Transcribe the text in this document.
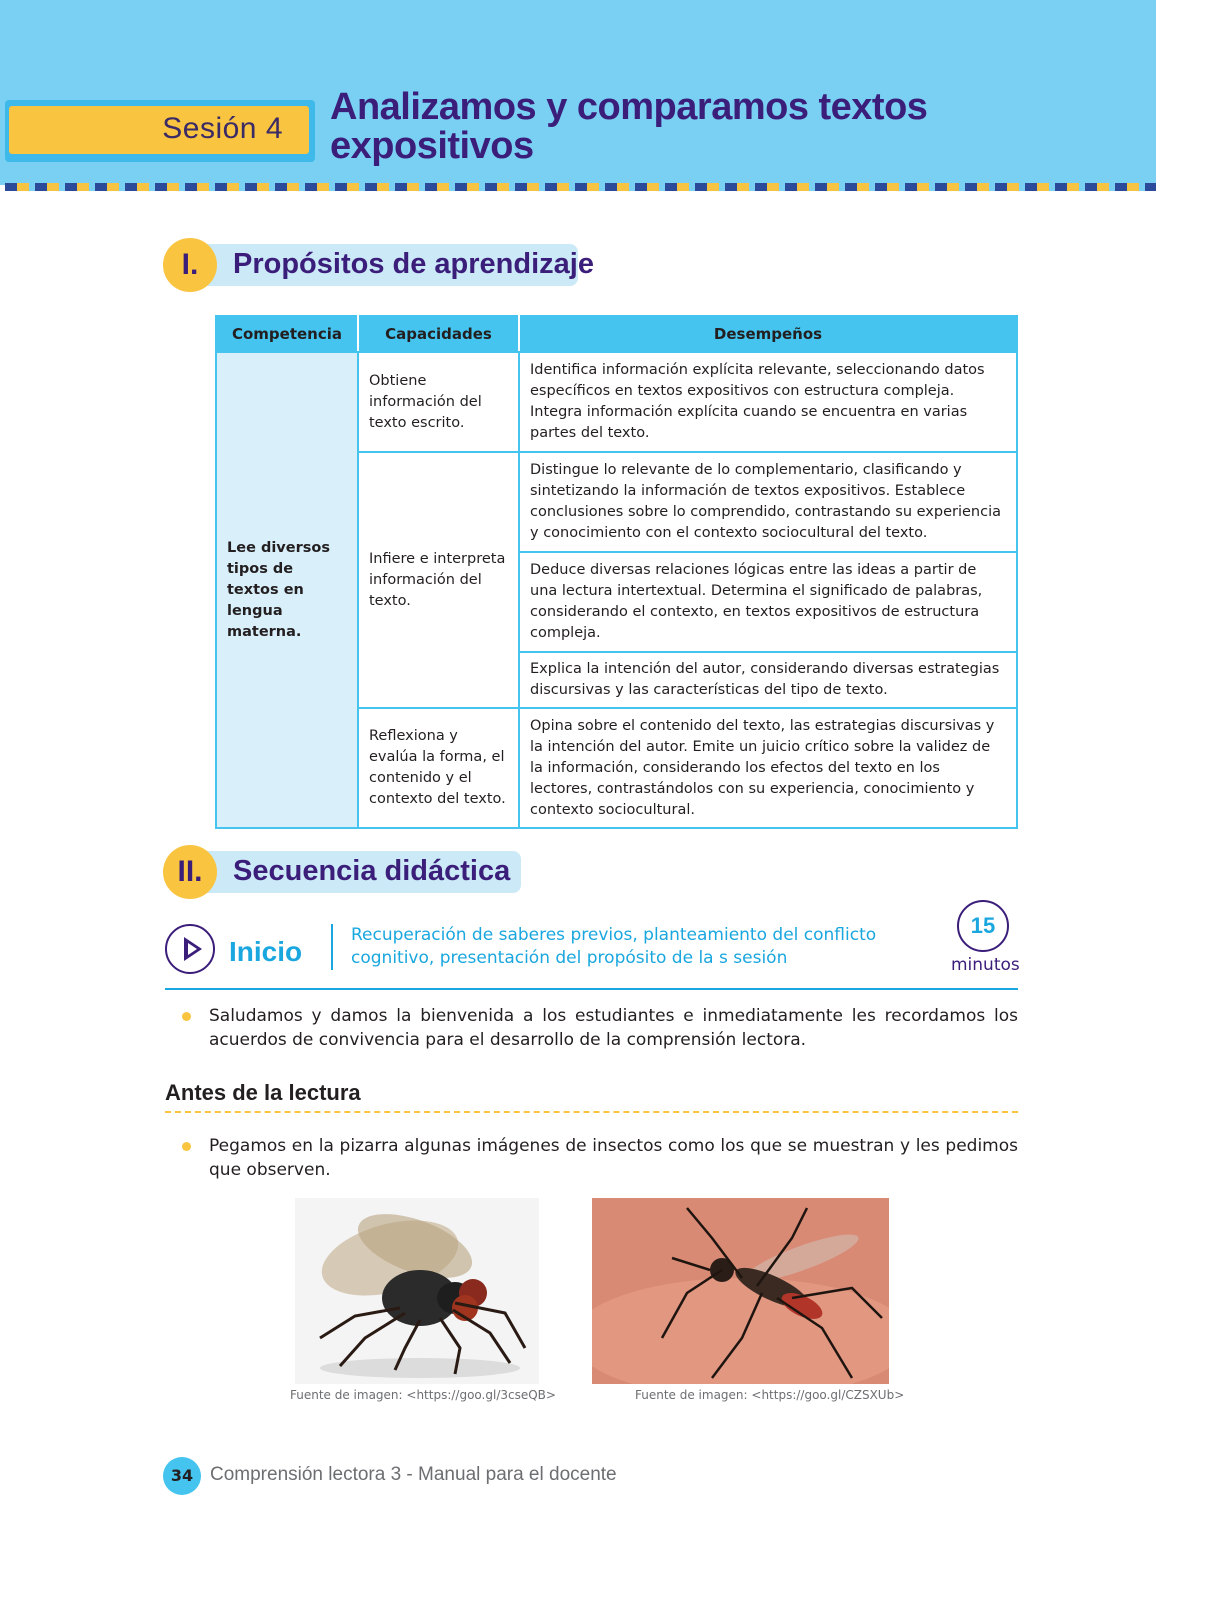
Sesión 4
Analizamos y comparamos textos expositivos
I.	Propósitos de aprendizaje
Competencia	Capacidades	Desempeños
Lee diversos tipos de textos en lengua materna.	Obtiene información del texto escrito.	Identifica información explícita relevante, seleccionando datos específicos en textos expositivos con estructura compleja. Integra información explícita cuando se encuentra en varias partes del texto.
	Infiere e interpreta información del texto.	Distingue lo relevante de lo complementario, clasificando y sintetizando la información de textos expositivos. Establece conclusiones sobre lo comprendido, contrastando su experiencia y conocimiento con el contexto sociocultural del texto.
		Deduce diversas relaciones lógicas entre las ideas a partir de una lectura intertextual. Determina el significado de palabras, considerando el contexto, en textos expositivos de estructura compleja.
		Explica la intención del autor, considerando diversas estrategias discursivas y las características del tipo de texto.
	Reflexiona y evalúa la forma, el contenido y el contexto del texto.	Opina sobre el contenido del texto, las estrategias discursivas y la intención del autor. Emite un juicio crítico sobre la validez de la información, considerando los efectos del texto en los lectores, contrastándolos con su experiencia, conocimiento y contexto sociocultural.
II.	Secuencia didáctica
Inicio
Recuperación de saberes previos, planteamiento del conflicto cognitivo, presentación del propósito de la s sesión
15
minutos
Saludamos y damos la bienvenida a los estudiantes e inmediatamente les recordamos los acuerdos de convivencia para el desarrollo de la comprensión lectora.
Antes de la lectura
Pegamos en la pizarra algunas imágenes de insectos como los que se muestran y les pedimos que observen.
Fuente de imagen: <https://goo.gl/3cseQB>	Fuente de imagen: <https://goo.gl/CZSXUb>
34 Comprensión lectora 3 - Manual para el docente
